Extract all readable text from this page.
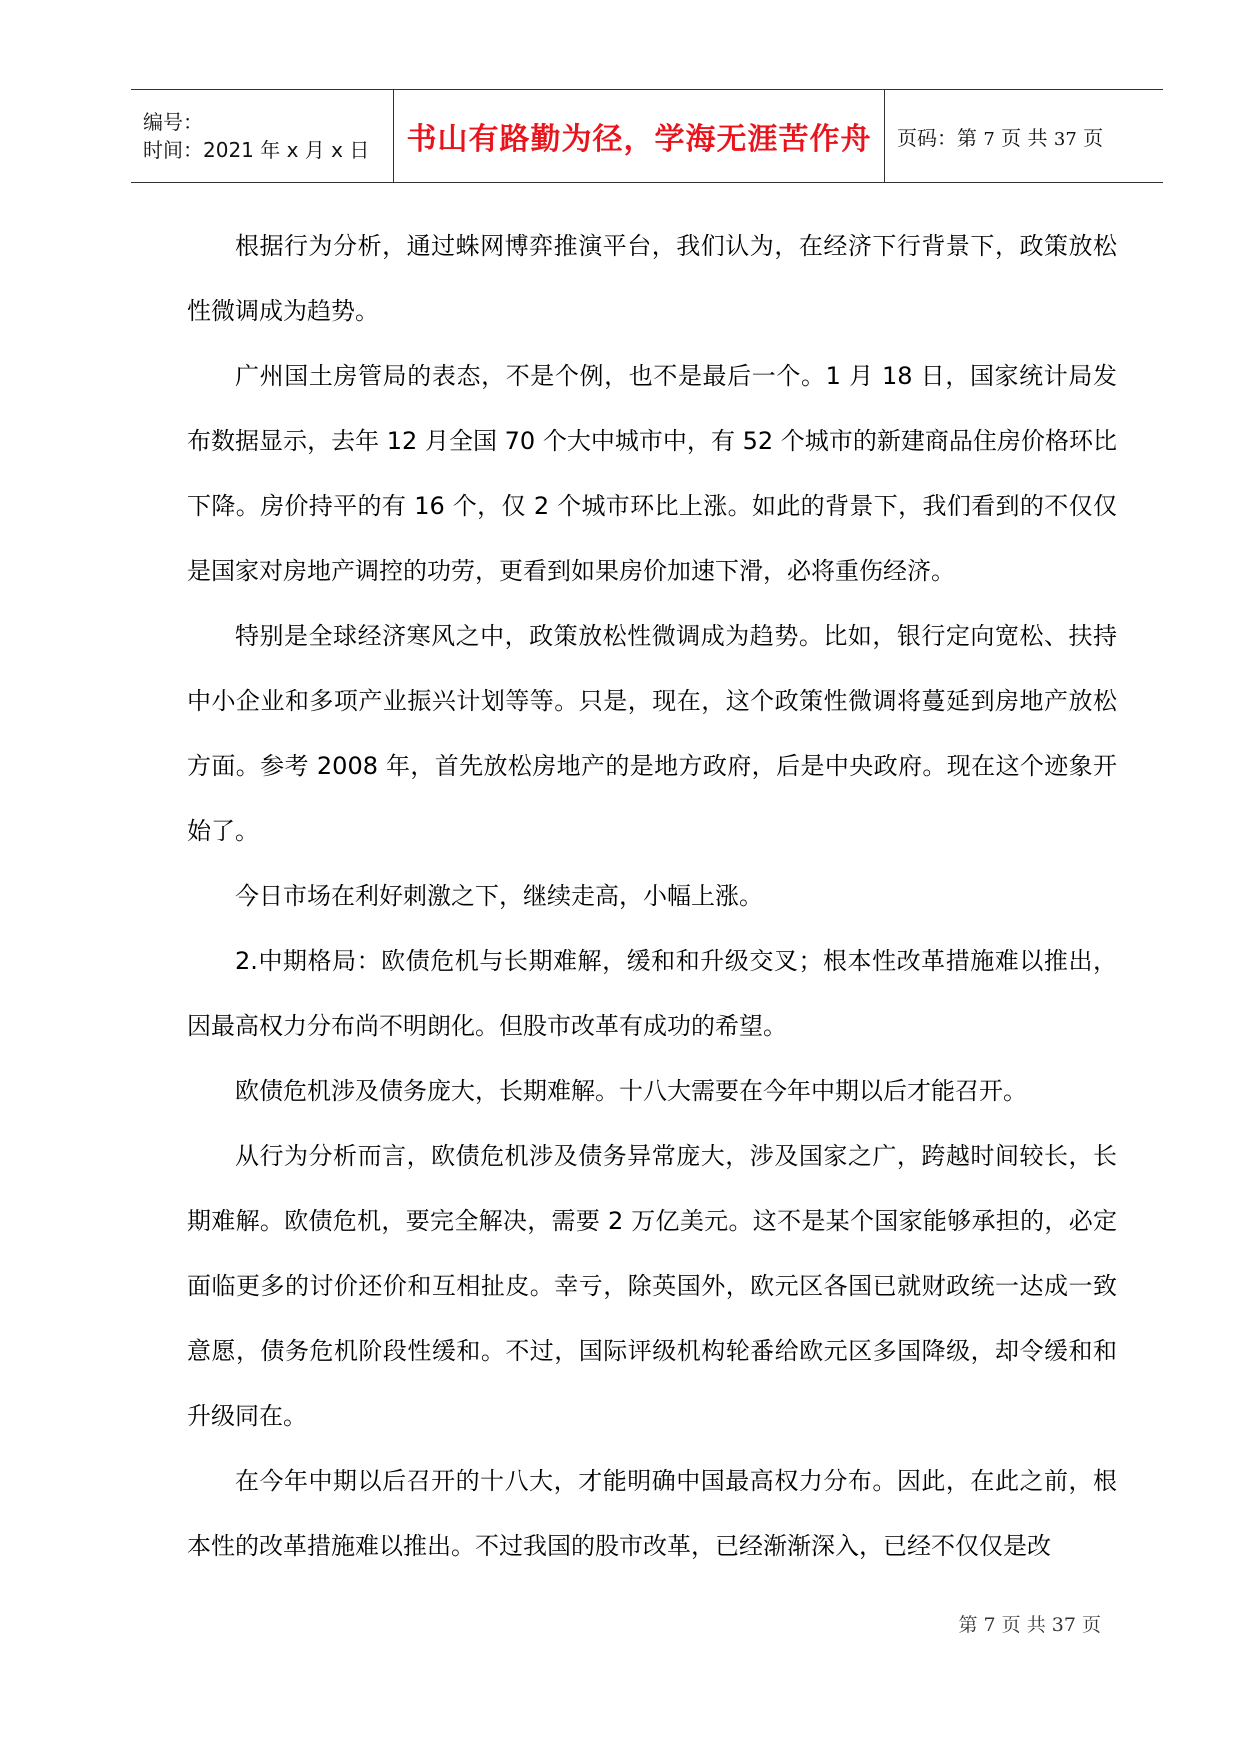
编号：
时间：2021 年 x 月 x 日	书山有路勤为径，学海无涯苦作舟	页码：第 7 页 共 37 页

根据行为分析，通过蛛网博弈推演平台，我们认为，在经济下行背景下，政策放松性微调成为趋势。

广州国土房管局的表态，不是个例，也不是最后一个。1 月 18 日，国家统计局发布数据显示，去年 12 月全国 70 个大中城市中，有 52 个城市的新建商品住房价格环比下降。房价持平的有 16 个，仅 2 个城市环比上涨。如此的背景下，我们看到的不仅仅是国家对房地产调控的功劳，更看到如果房价加速下滑，必将重伤经济。

特别是全球经济寒风之中，政策放松性微调成为趋势。比如，银行定向宽松、扶持中小企业和多项产业振兴计划等等。只是，现在，这个政策性微调将蔓延到房地产放松方面。参考 2008 年，首先放松房地产的是地方政府，后是中央政府。现在这个迹象开始了。

今日市场在利好刺激之下，继续走高，小幅上涨。

2.中期格局：欧债危机与长期难解，缓和和升级交叉；根本性改革措施难以推出，因最高权力分布尚不明朗化。但股市改革有成功的希望。

欧债危机涉及债务庞大，长期难解。十八大需要在今年中期以后才能召开。

从行为分析而言，欧债危机涉及债务异常庞大，涉及国家之广，跨越时间较长，长期难解。欧债危机，要完全解决，需要 2 万亿美元。这不是某个国家能够承担的，必定面临更多的讨价还价和互相扯皮。幸亏，除英国外，欧元区各国已就财政统一达成一致意愿，债务危机阶段性缓和。不过，国际评级机构轮番给欧元区多国降级，却令缓和和升级同在。

在今年中期以后召开的十八大，才能明确中国最高权力分布。因此，在此之前，根本性的改革措施难以推出。不过我国的股市改革，已经渐渐深入，已经不仅仅是改

第 7 页 共 37 页
